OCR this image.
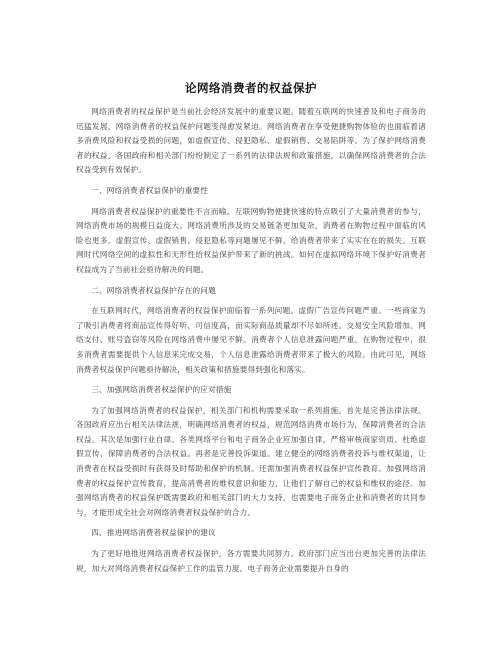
论网络消费者的权益保护

网络消费者的权益保护是当前社会经济发展中的重要议题。随着互联网的快速普及和电子商务的迅猛发展，网络消费者的权益保护问题变得愈发紧迫。网络消费者在享受便捷购物体验的也面临着诸多消费风险和权益受损的问题，如虚假宣传、侵犯隐私、虚假销售、交易陷阱等。为了保护网络消费者的权益，各国政府和相关部门纷纷制定了一系列的法律法规和政策措施，以确保网络消费者的合法权益受到有效保护。

一、网络消费者权益保护的重要性

网络消费者权益保护的重要性不言而喻。互联网购物便捷快速的特点吸引了大量消费者的参与，网络消费市场的规模日益庞大。网络消费所涉及的交易链条更加复杂，消费者在购物过程中面临的风险也更多。虚假宣传、虚假销售、侵犯隐私等问题屡见不鲜，给消费者带来了实实在在的损失。互联网时代网络空间的虚拟性和无形性给权益保护带来了新的挑战。如何在虚拟网络环境下保护好消费者权益成为了当前社会亟待解决的问题。

二、网络消费者权益保护存在的问题

在互联网时代，网络消费者的权益保护面临着一系列问题。虚假广告宣传问题严重。一些商家为了吸引消费者将商品宣传得好听、可信度高，而实际商品质量却不尽如所述。交易安全风险增加。网络支付、账号盗窃等风险在网络消费中屡见不鲜。消费者个人信息泄露问题严重。在购物过程中，很多消费者需要提供个人信息来完成交易，个人信息泄露给消费者带来了极大的风险。由此可见，网络消费者权益保护问题亟待解决，相关政策和措施要得到强化和落实。

三、加强网络消费者权益保护的应对措施

为了加强网络消费者的权益保护，相关部门和机构需要采取一系列措施。首先是完善法律法规。各国政府应出台相关法律法规，明确网络消费者的权益，规范网络消费市场行为，保障消费者的合法权益。其次是加强行业自律。各类网络平台和电子商务企业应加强自律，严格审核商家资质、杜绝虚假宣传、保障消费者的合法权益。再者是完善投诉渠道。建立健全的网络消费者投诉与维权渠道，让消费者在权益受损时有获得及时帮助和保护的机制。还需加强消费者权益保护宣传教育。加强网络消费者的权益保护宣传教育，提高消费者的维权意识和能力，让他们了解自己的权益和维权的途径。加强网络消费者的权益保护既需要政府和相关部门的大力支持，也需要电子商务企业和消费者的共同参与，才能形成全社会对网络消费者权益保护的合力。

四、推进网络消费者权益保护的建议

为了更好地推进网络消费者权益保护，各方需要共同努力。政府部门应当出台更加完善的法律法规，加大对网络消费者权益保护工作的监管力度。电子商务企业需要提升自身的
